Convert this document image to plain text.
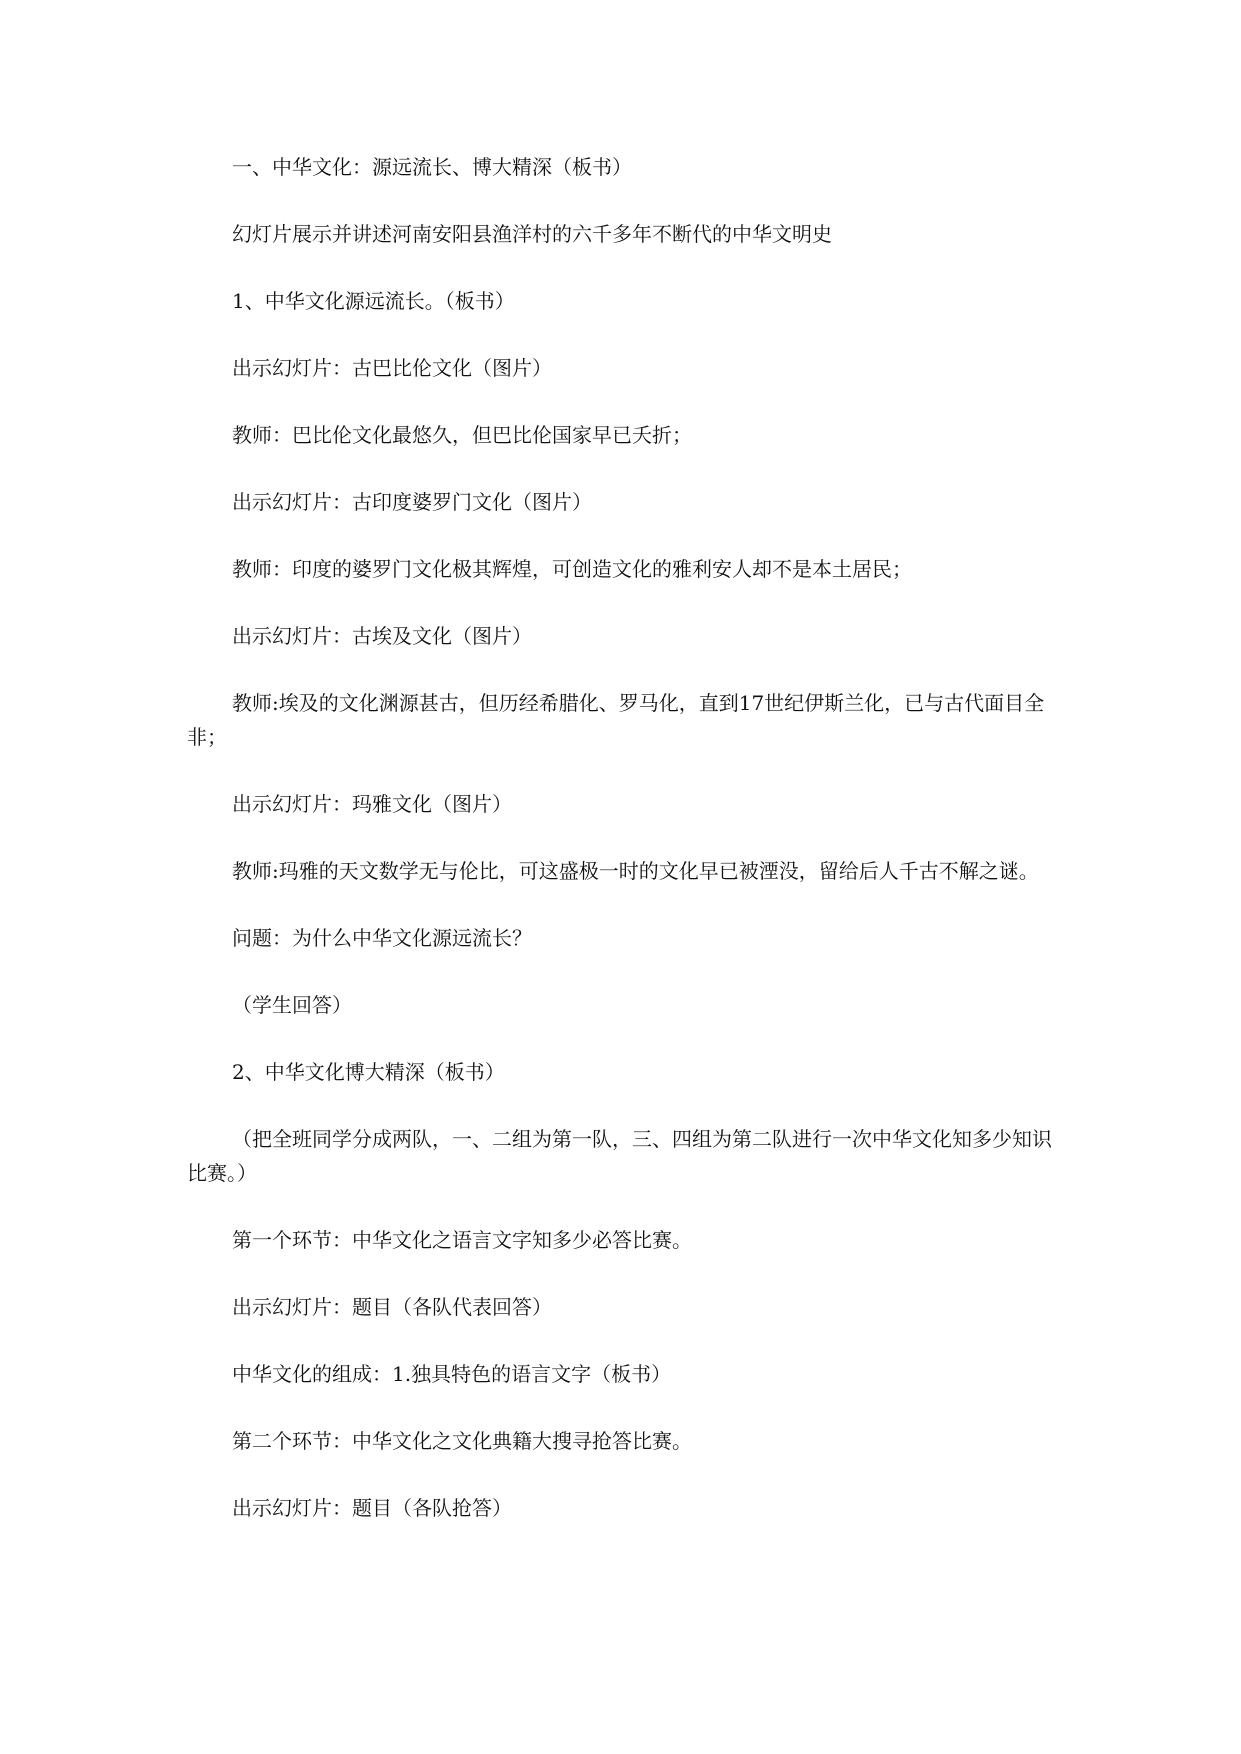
一、中华文化：源远流长、博大精深（板书）

幻灯片展示并讲述河南安阳县渔洋村的六千多年不断代的中华文明史

1、中华文化源远流长。（板书）

出示幻灯片：古巴比伦文化（图片）

教师：巴比伦文化最悠久，但巴比伦国家早已夭折；

出示幻灯片：古印度婆罗门文化（图片）

教师：印度的婆罗门文化极其辉煌，可创造文化的雅利安人却不是本土居民；

出示幻灯片：古埃及文化（图片）

教师:埃及的文化渊源甚古，但历经希腊化、罗马化，直到17世纪伊斯兰化，已与古代面目全非；

出示幻灯片：玛雅文化（图片）

教师:玛雅的天文数学无与伦比，可这盛极一时的文化早已被湮没，留给后人千古不解之谜。

问题：为什么中华文化源远流长？

（学生回答）

2、中华文化博大精深（板书）

（把全班同学分成两队，一、二组为第一队，三、四组为第二队进行一次中华文化知多少知识比赛。）

第一个环节：中华文化之语言文字知多少必答比赛。

出示幻灯片：题目（各队代表回答）

中华文化的组成：1.独具特色的语言文字（板书）

第二个环节：中华文化之文化典籍大搜寻抢答比赛。

出示幻灯片：题目（各队抢答）
